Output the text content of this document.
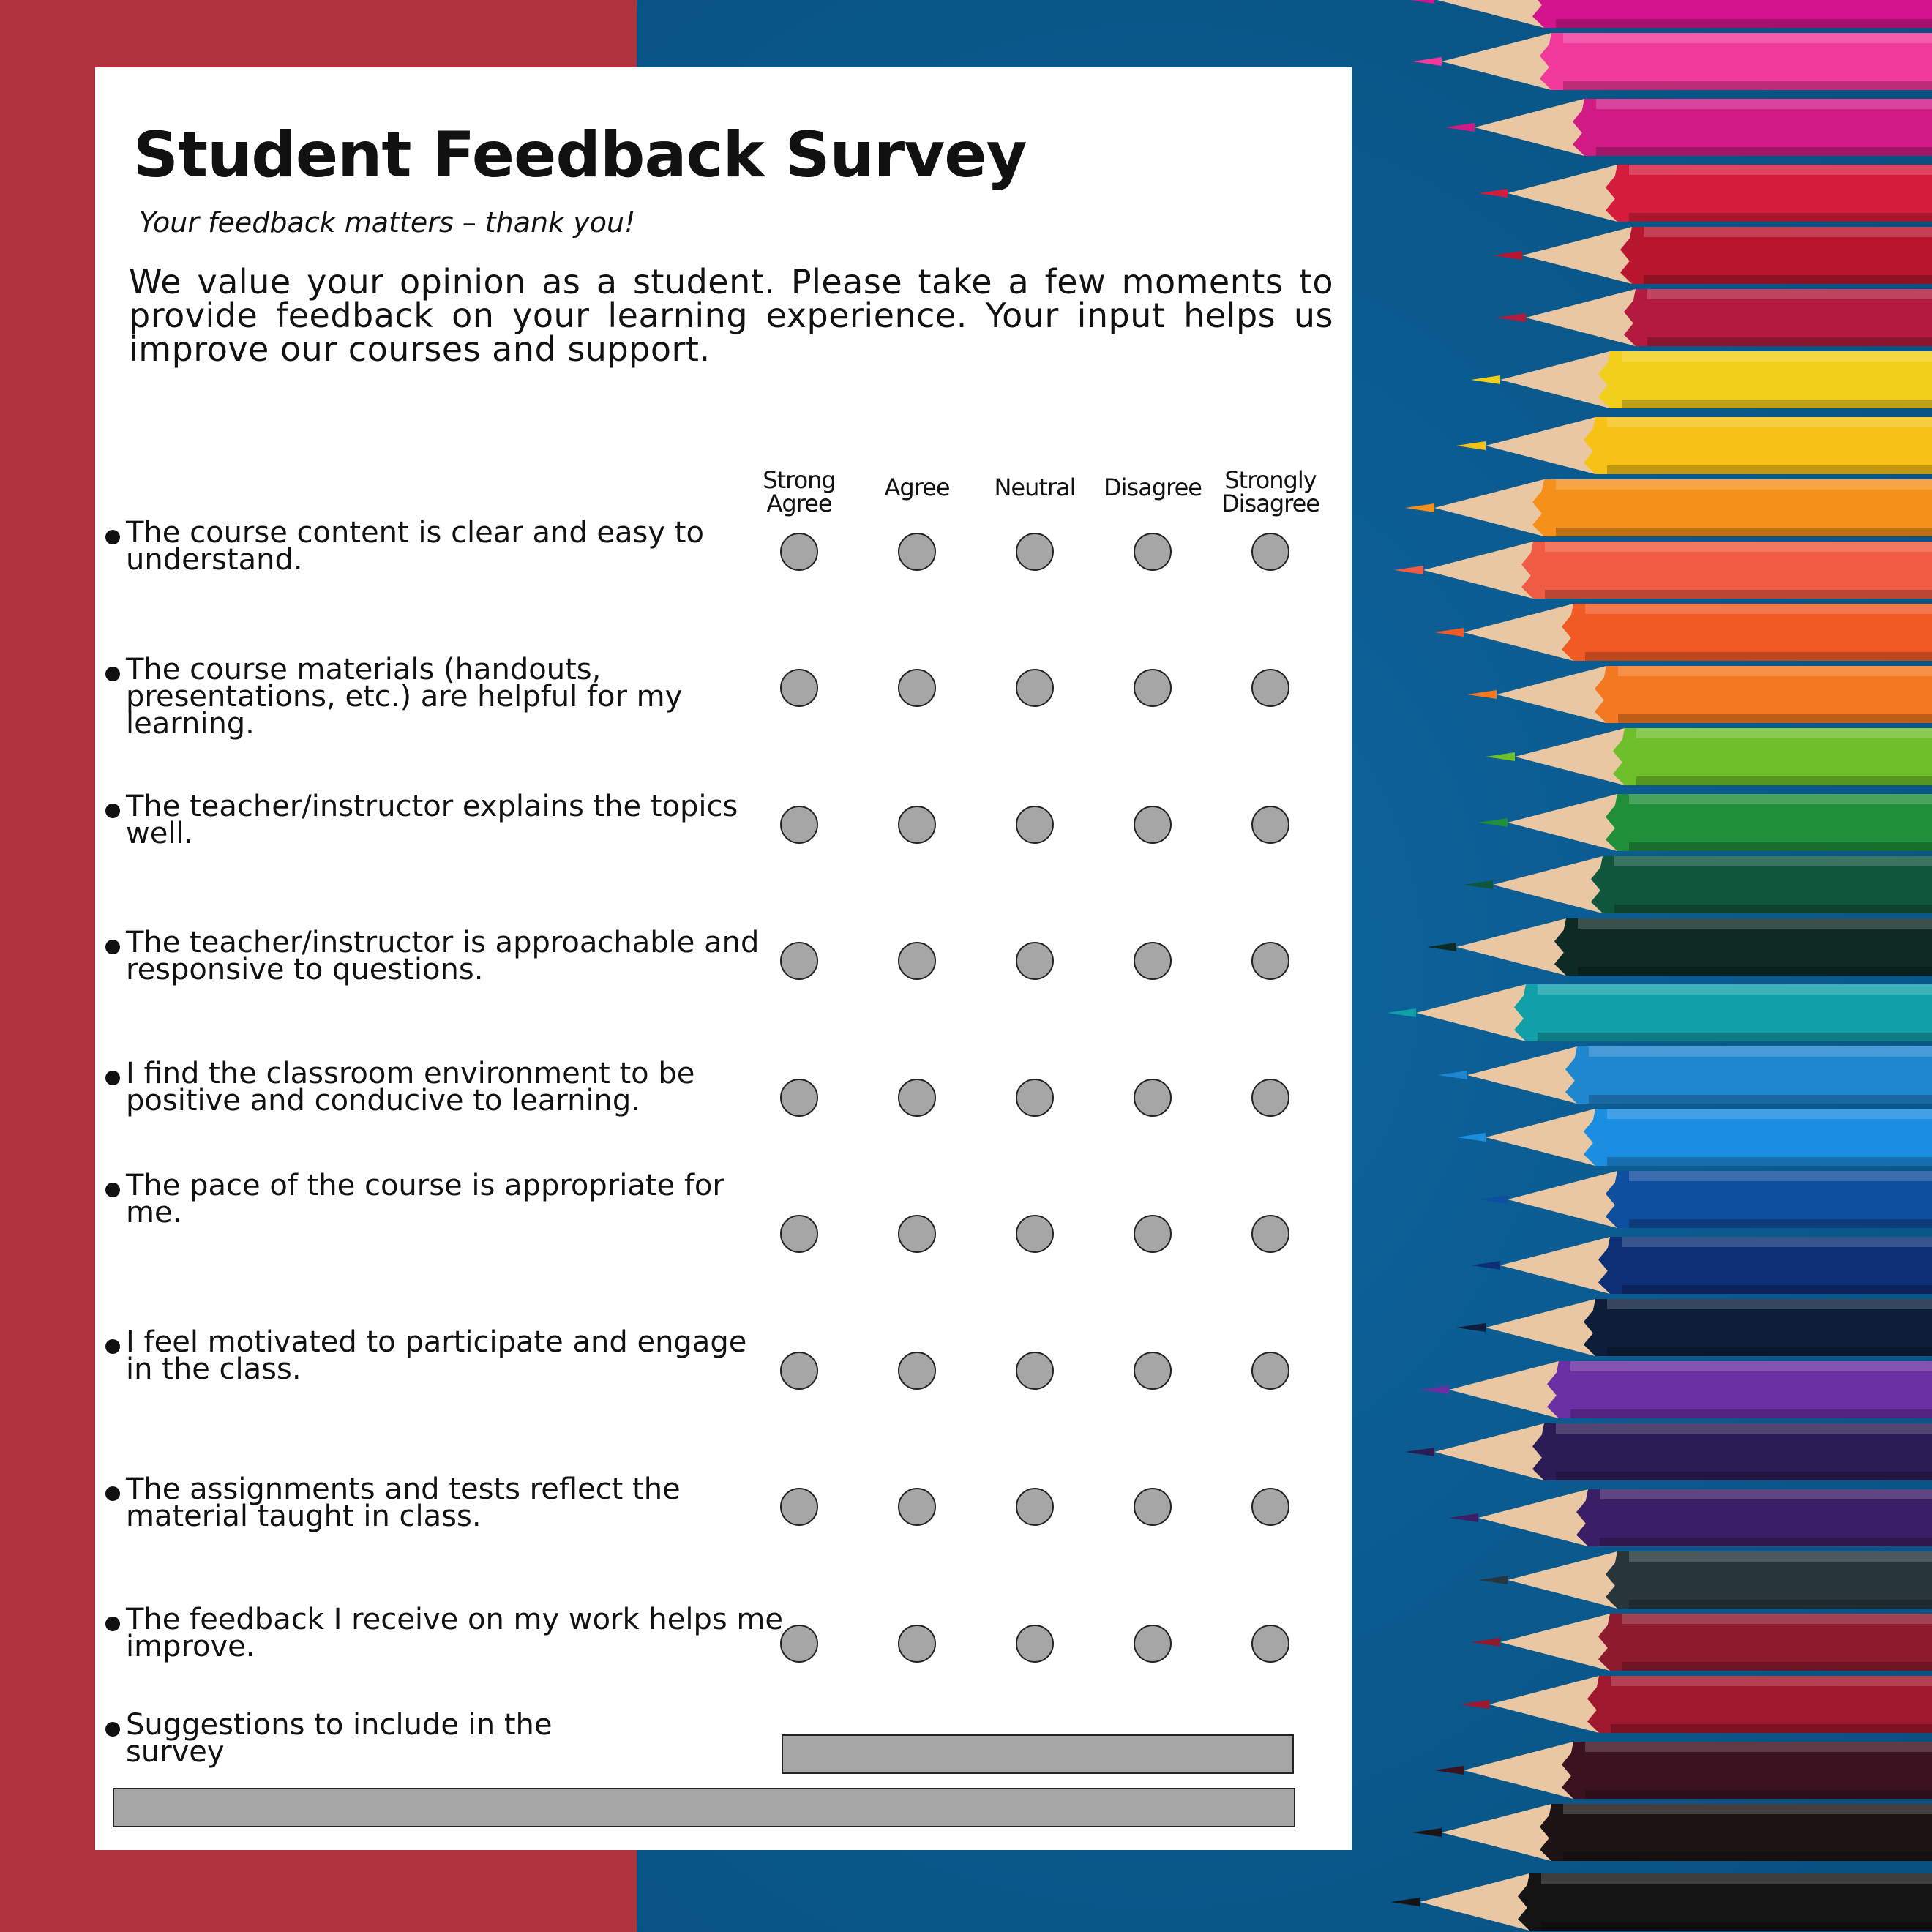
Student Feedback Survey
Your feedback matters – thank you!
We value your opinion as a student. Please take a few moments to provide feedback on your learning experience. Your input helps us improve our courses and support.
Strong Agree
Agree	Neutral	Disagree Strongly Disagree
The course content is clear and easy to understand.
The course materials (handouts, presentations, etc.) are helpful for my learning.
The teacher/instructor explains the topics well.
The teacher/instructor is approachable and responsive to questions.
I find the classroom environment to be positive and conducive to learning.
The pace of the course is appropriate for me.
I feel motivated to participate and engage in the class.
The assignments and tests reflect the material taught in class.
The feedback I receive on my work helps me improve.
Suggestions to include in the survey
